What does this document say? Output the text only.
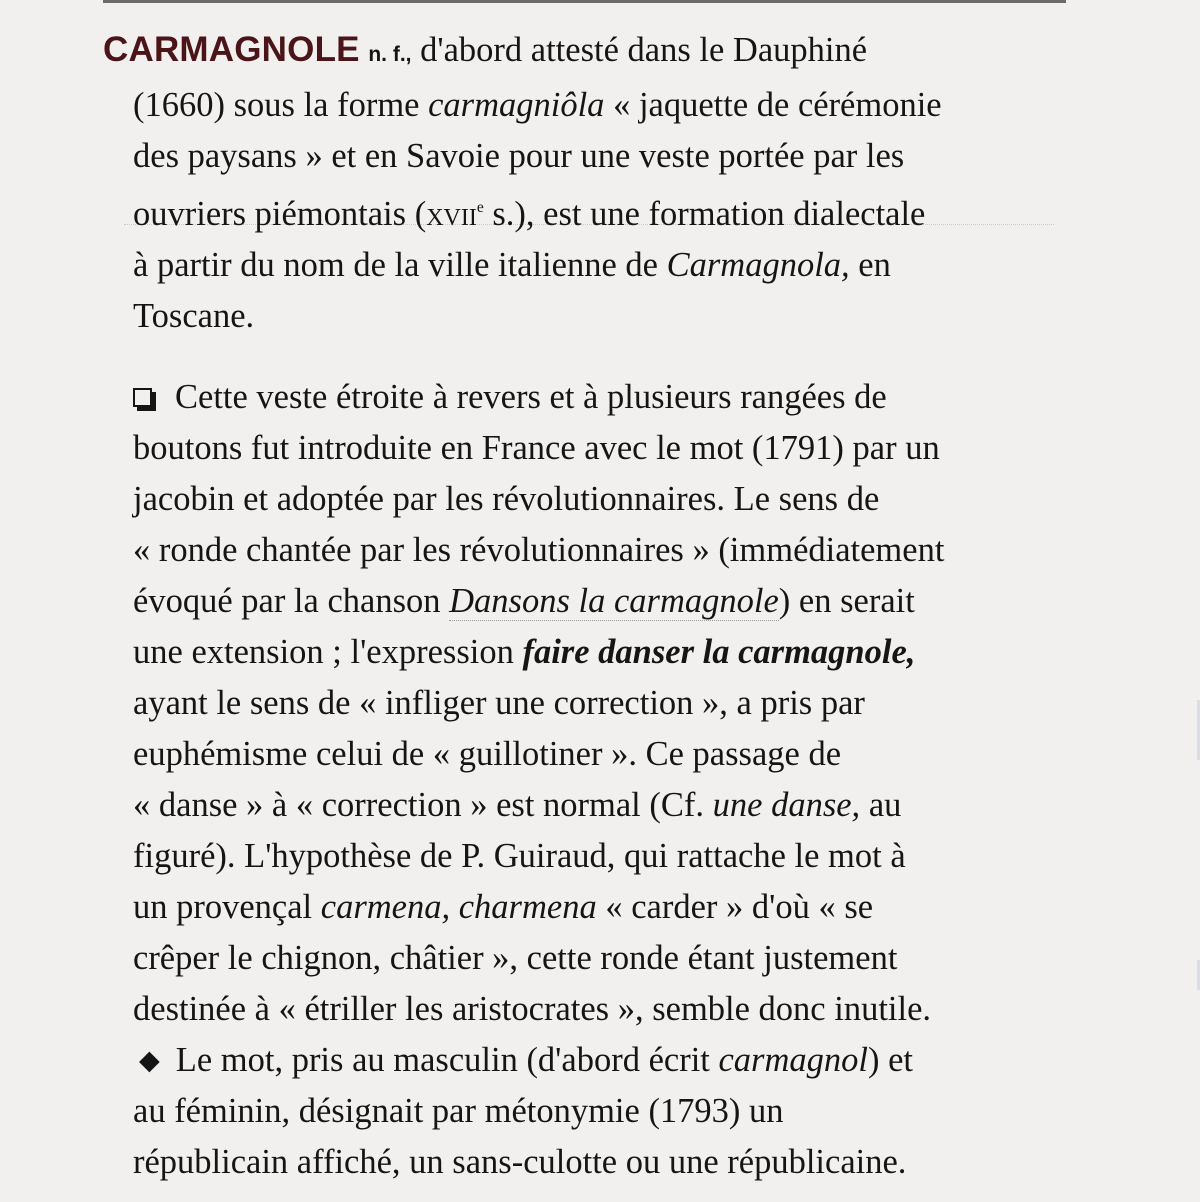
CARMAGNOLE n. f., d'abord attesté dans le Dauphiné
(1660) sous la forme carmagniôla « jaquette de cérémonie
des paysans » et en Savoie pour une veste portée par les
ouvriers piémontais (xvii$^e$ s.), est une formation dialectale
à partir du nom de la ville italienne de Carmagnola, en
Toscane.
Cette veste étroite à revers et à plusieurs rangées de
boutons fut introduite en France avec le mot (1791) par un
jacobin et adoptée par les révolutionnaires. Le sens de
« ronde chantée par les révolutionnaires » (immédiatement
évoqué par la chanson Dansons la carmagnole) en serait
une extension ; l'expression faire danser la carmagnole,
ayant le sens de « infliger une correction », a pris par
euphémisme celui de « guillotiner ». Ce passage de
« danse » à « correction » est normal (Cf. une danse, au
figuré). L'hypothèse de P. Guiraud, qui rattache le mot à
un provençal carmena, charmena « carder » d'où « se
crêper le chignon, châtier », cette ronde étant justement
destinée à « étriller les aristocrates », semble donc inutile.
◆ Le mot, pris au masculin (d'abord écrit carmagnol) et
au féminin, désignait par métonymie (1793) un
républicain affiché, un sans-culotte ou une républicaine.
